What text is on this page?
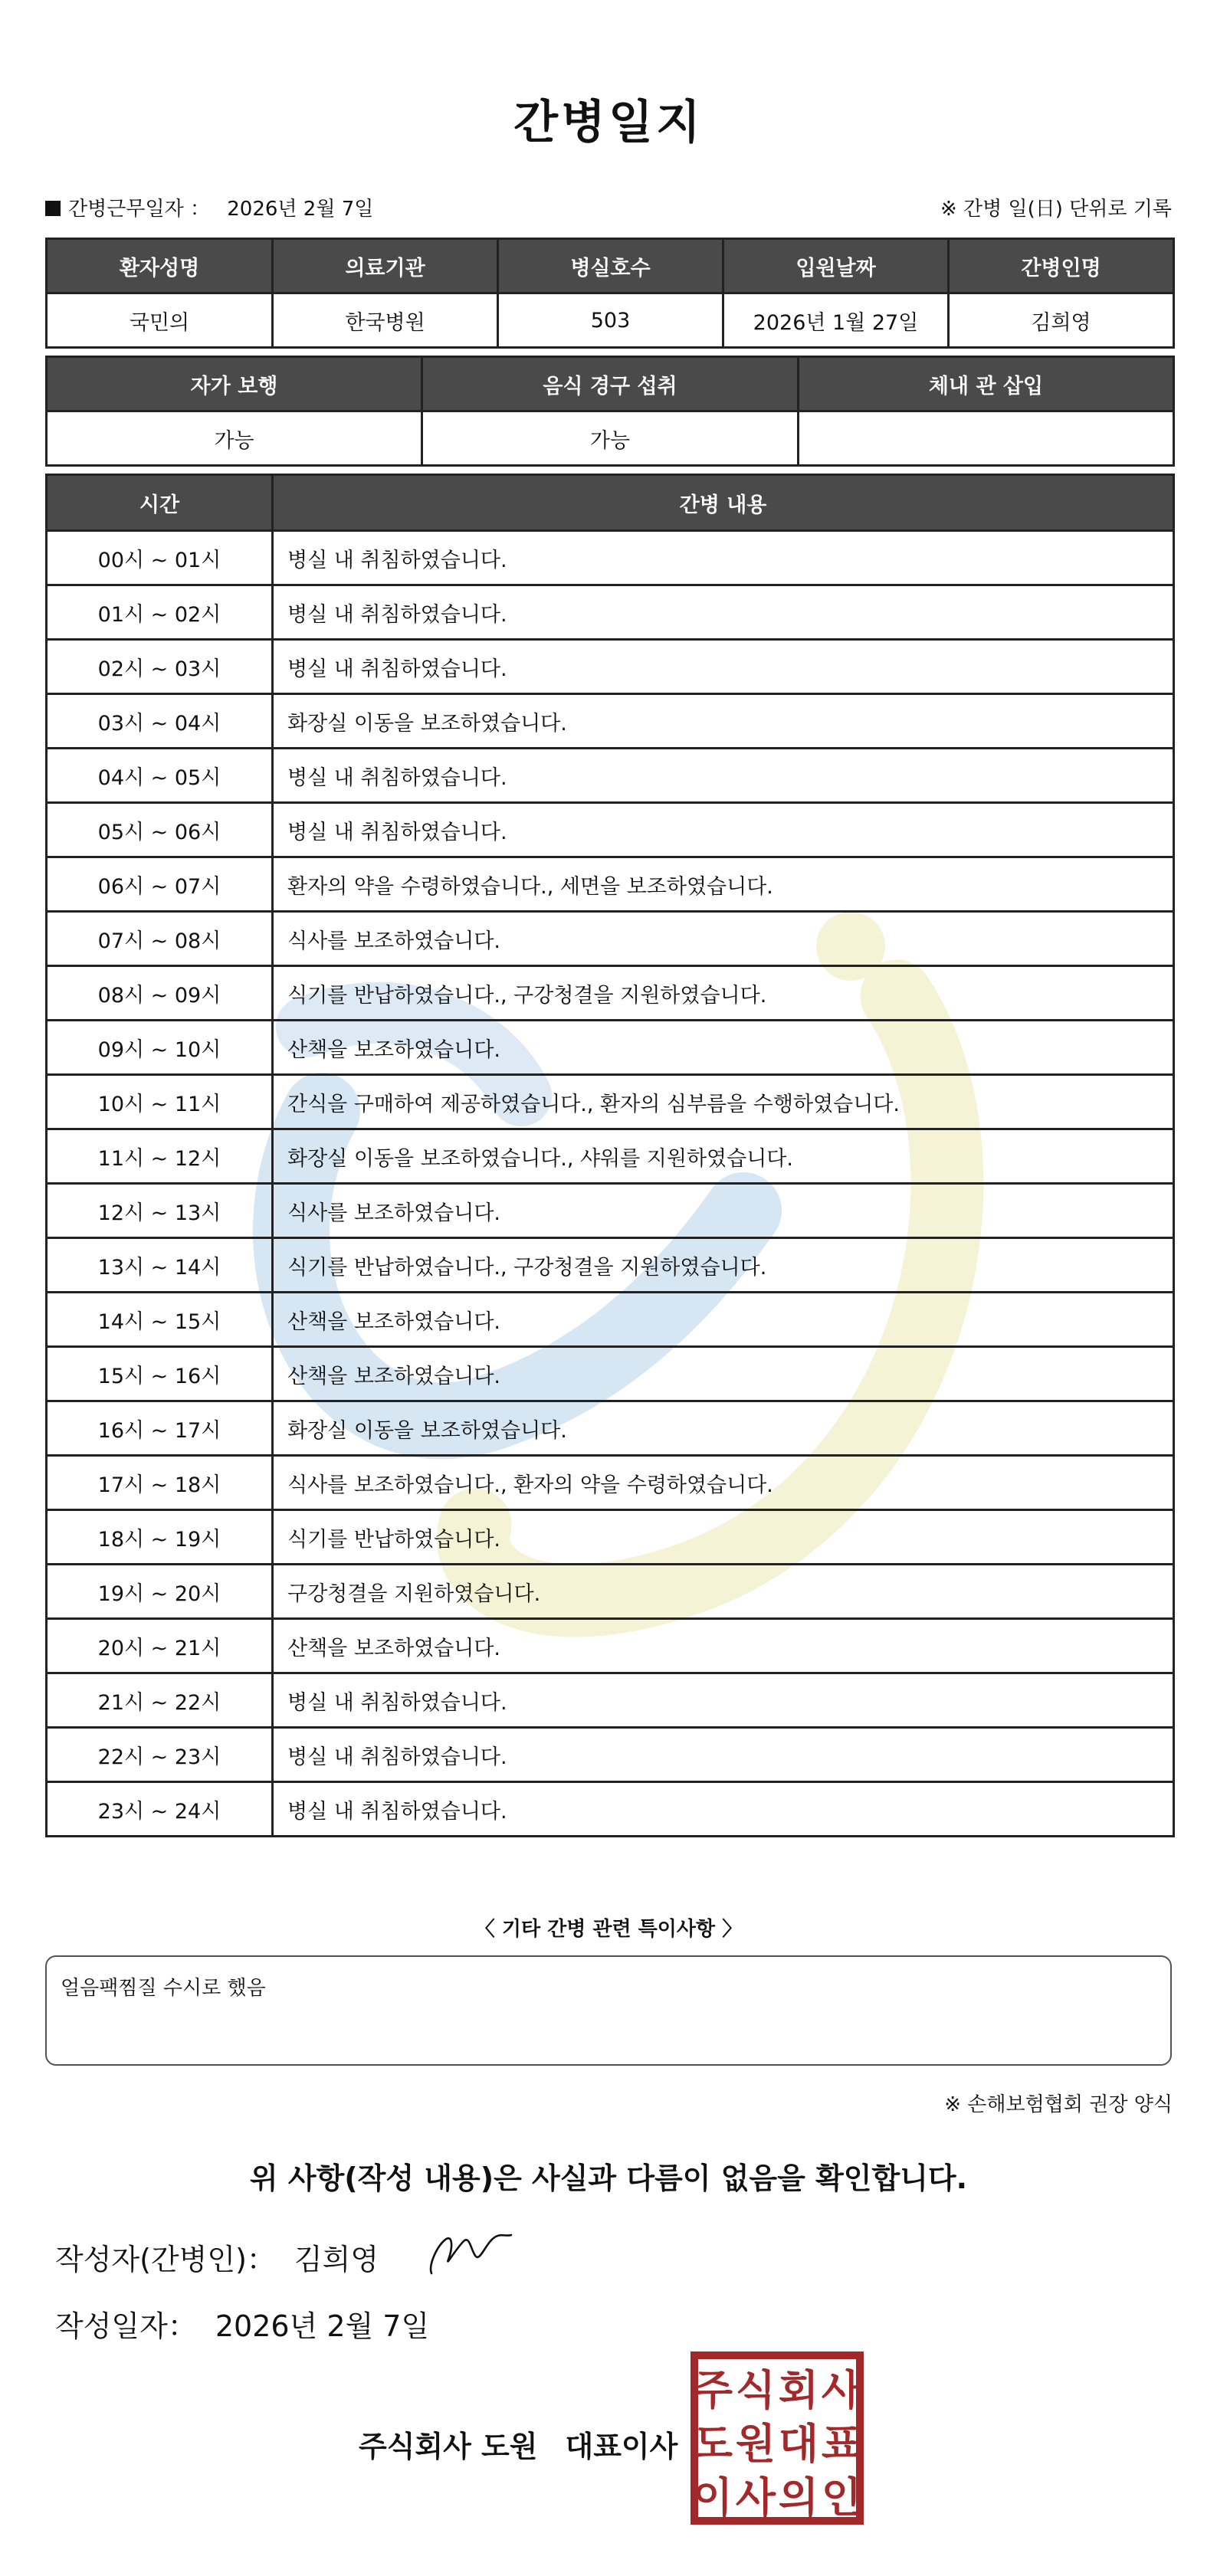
간병일지
간병근무일자 ： 2026년 2월 7일	※ 간병 일(日) 단위로 기록
환자성명	의료기관	병실호수	입원날짜	간병인명
국민의	한국병원	503	2026년 1월 27일	김희영
자가 보행	음식 경구 섭취	체내 관 삽입
가능	가능	
시간	간병 내용
00시 ~ 01시	병실 내 취침하였습니다.
01시 ~ 02시	병실 내 취침하였습니다.
02시 ~ 03시	병실 내 취침하였습니다.
03시 ~ 04시	화장실 이동을 보조하였습니다.
04시 ~ 05시	병실 내 취침하였습니다.
05시 ~ 06시	병실 내 취침하였습니다.
06시 ~ 07시	환자의 약을 수령하였습니다., 세면을 보조하였습니다.
07시 ~ 08시	식사를 보조하였습니다.
08시 ~ 09시	식기를 반납하였습니다., 구강청결을 지원하였습니다.
09시 ~ 10시	산책을 보조하였습니다.
10시 ~ 11시	간식을 구매하여 제공하였습니다., 환자의 심부름을 수행하였습니다.
11시 ~ 12시	화장실 이동을 보조하였습니다., 샤워를 지원하였습니다.
12시 ~ 13시	식사를 보조하였습니다.
13시 ~ 14시	식기를 반납하였습니다., 구강청결을 지원하였습니다.
14시 ~ 15시	산책을 보조하였습니다.
15시 ~ 16시	산책을 보조하였습니다.
16시 ~ 17시	화장실 이동을 보조하였습니다.
17시 ~ 18시	식사를 보조하였습니다., 환자의 약을 수령하였습니다.
18시 ~ 19시	식기를 반납하였습니다.
19시 ~ 20시	구강청결을 지원하였습니다.
20시 ~ 21시	산책을 보조하였습니다.
21시 ~ 22시	병실 내 취침하였습니다.
22시 ~ 23시	병실 내 취침하였습니다.
23시 ~ 24시	병실 내 취침하였습니다.
〈 기타 간병 관련 특이사항 〉
얼음팩찜질 수시로 했음
※ 손해보험협회 권장 양식
위 사항(작성 내용)은 사실과 다름이 없음을 확인합니다.
작성자(간병인)： 김희영
작성일자： 2026년 2월 7일
주식회사 도원 대표이사
주 식 회 사
도 원 대 표
이 사 의 인
